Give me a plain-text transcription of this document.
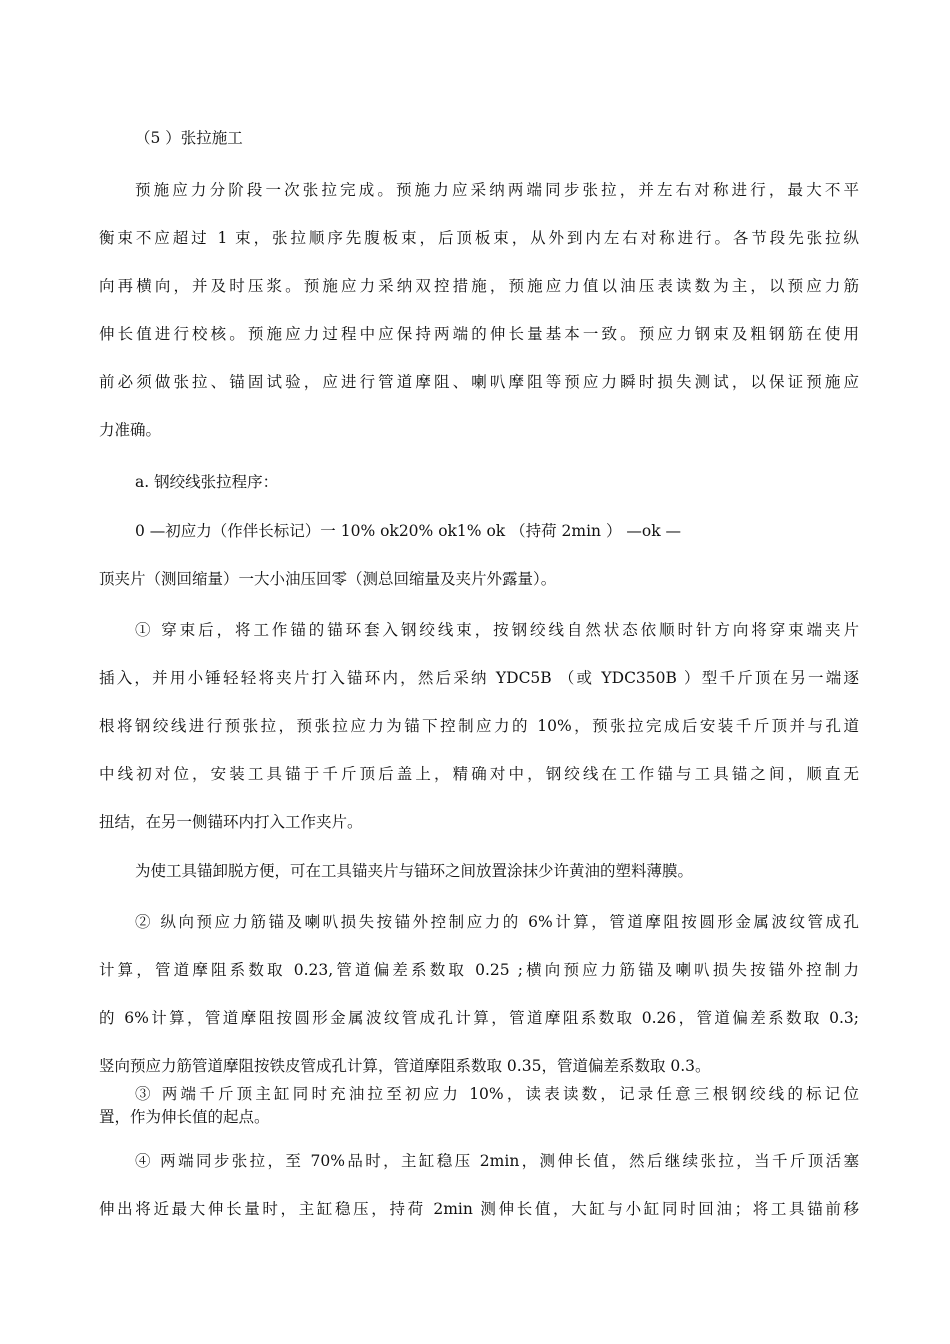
（5 ）张拉施工

预施应力分阶段一次张拉完成。预施力应采纳两端同步张拉，并左右对称进行，最大不平

衡束不应超过 1 束，张拉顺序先腹板束，后顶板束，从外到内左右对称进行。各节段先张拉纵

向再横向，并及时压浆。预施应力采纳双控措施，预施应力值以油压表读数为主，以预应力筋

伸长值进行校核。预施应力过程中应保持两端的伸长量基本一致。预应力钢束及粗钢筋在使用

前必须做张拉、锚固试验，应进行管道摩阻、喇叭摩阻等预应力瞬时损失测试，以保证预施应

力准确。

a. 钢绞线张拉程序：

0 —初应力（作伴长标记）一 10% ok20% ok1% ok （持荷 2min ） —ok —

顶夹片（测回缩量）一大小油压回零（测总回缩量及夹片外露量）。

① 穿束后，将工作锚的锚环套入钢绞线束，按钢绞线自然状态依顺时针方向将穿束端夹片

插入，并用小锤轻轻将夹片打入锚环内，然后采纳 YDC5B （或 YDC350B ）型千斤顶在另一端逐

根将钢绞线进行预张拉，预张拉应力为锚下控制应力的 10%，预张拉完成后安装千斤顶并与孔道

中线初对位，安装工具锚于千斤顶后盖上，精确对中，钢绞线在工作锚与工具锚之间，顺直无

扭结，在另一侧锚环内打入工作夹片。

为使工具锚卸脱方便，可在工具锚夹片与锚环之间放置涂抹少许黄油的塑料薄膜。

② 纵向预应力筋锚及喇叭损失按锚外控制应力的 6%计算，管道摩阻按圆形金属波纹管成孔

计算，管道摩阻系数取 0.23,管道偏差系数取 0.25 ;横向预应力筋锚及喇叭损失按锚外控制力

的 6%计算，管道摩阻按圆形金属波纹管成孔计算，管道摩阻系数取 0.26，管道偏差系数取 0.3;

竖向预应力筋管道摩阻按铁皮管成孔计算，管道摩阻系数取 0.35，管道偏差系数取 0.3。

③ 两端千斤顶主缸同时充油拉至初应力 10%，读表读数，记录任意三根钢绞线的标记位

置，作为伸长值的起点。

④ 两端同步张拉，至 70%品时，主缸稳压 2min，测伸长值，然后继续张拉，当千斤顶活塞

伸出将近最大伸长量时，主缸稳压，持荷 2min 测伸长值，大缸与小缸同时回油；将工具锚前移
